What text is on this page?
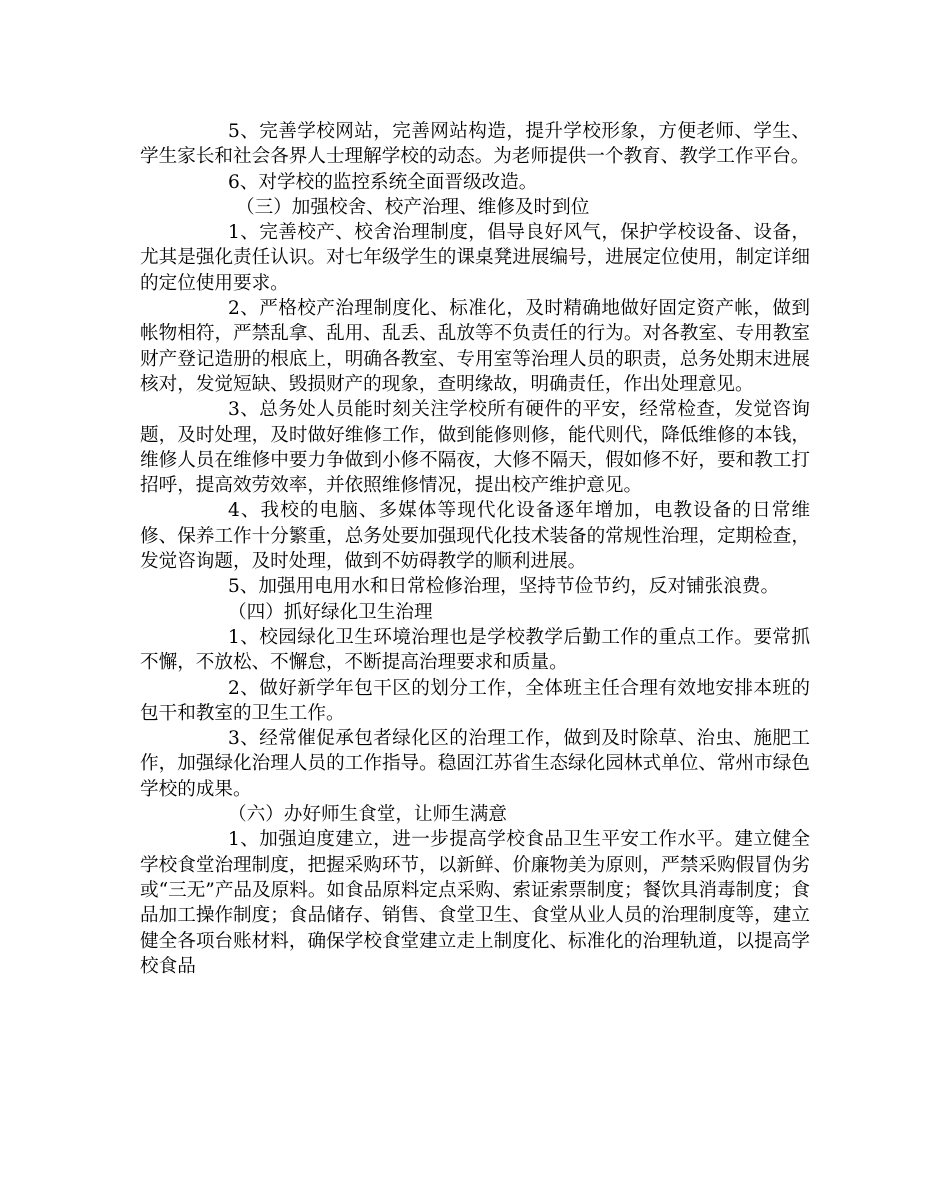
5、完善学校网站，完善网站构造，提升学校形象，方便老师、学生、学生家长和社会各界人士理解学校的动态。为老师提供一个教育、教学工作平台。

6、对学校的监控系统全面晋级改造。

（三）加强校舍、校产治理、维修及时到位

1、完善校产、校舍治理制度，倡导良好风气，保护学校设备、设备，尤其是强化责任认识。对七年级学生的课桌凳进展编号，进展定位使用，制定详细的定位使用要求。

2、严格校产治理制度化、标准化，及时精确地做好固定资产帐，做到帐物相符，严禁乱拿、乱用、乱丢、乱放等不负责任的行为。对各教室、专用教室财产登记造册的根底上，明确各教室、专用室等治理人员的职责，总务处期末进展核对，发觉短缺、毁损财产的现象，查明缘故，明确责任，作出处理意见。

3、总务处人员能时刻关注学校所有硬件的平安，经常检查，发觉咨询题，及时处理，及时做好维修工作，做到能修则修，能代则代，降低维修的本钱，维修人员在维修中要力争做到小修不隔夜，大修不隔天，假如修不好，要和教工打招呼，提高效劳效率，并依照维修情况，提出校产维护意见。

4、我校的电脑、多媒体等现代化设备逐年增加，电教设备的日常维修、保养工作十分繁重，总务处要加强现代化技术装备的常规性治理，定期检查，发觉咨询题，及时处理，做到不妨碍教学的顺利进展。

5、加强用电用水和日常检修治理，坚持节俭节约，反对铺张浪费。

（四）抓好绿化卫生治理

1、校园绿化卫生环境治理也是学校教学后勤工作的重点工作。要常抓不懈，不放松、不懈怠，不断提高治理要求和质量。

2、做好新学年包干区的划分工作，全体班主任合理有效地安排本班的包干和教室的卫生工作。

3、经常催促承包者绿化区的治理工作，做到及时除草、治虫、施肥工作，加强绿化治理人员的工作指导。稳固江苏省生态绿化园林式单位、常州市绿色学校的成果。

（六）办好师生食堂，让师生满意

1、加强迫度建立，进一步提高学校食品卫生平安工作水平。建立健全学校食堂治理制度，把握采购环节，以新鲜、价廉物美为原则，严禁采购假冒伪劣或“三无”产品及原料。如食品原料定点采购、索证索票制度；餐饮具消毒制度；食品加工操作制度；食品储存、销售、食堂卫生、食堂从业人员的治理制度等，建立健全各项台账材料，确保学校食堂建立走上制度化、标准化的治理轨道，以提高学校食品
